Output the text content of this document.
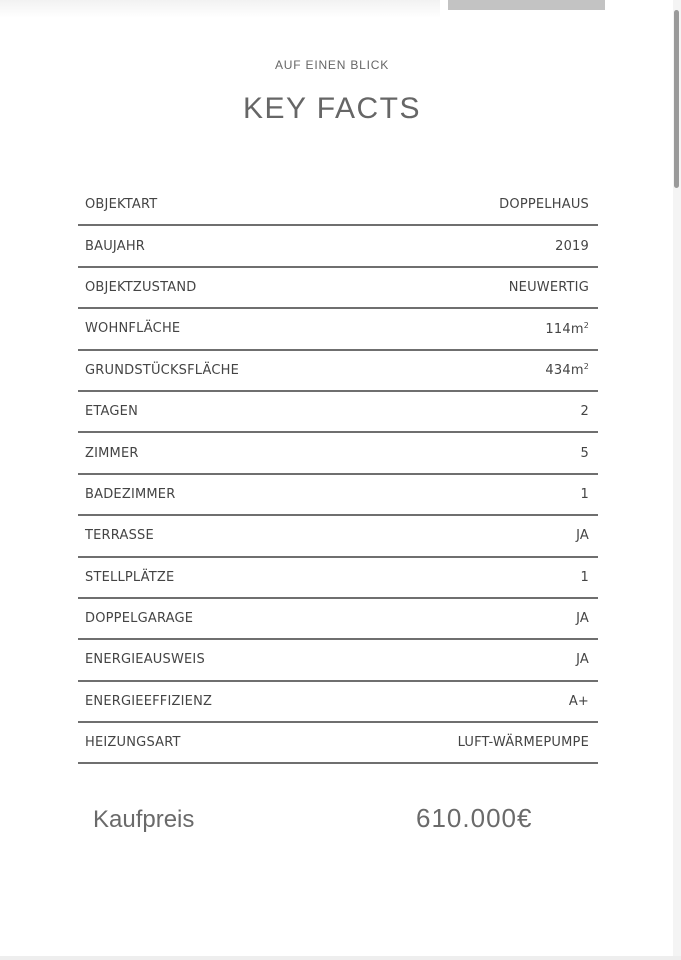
AUF EINEN BLICK
KEY FACTS
OBJEKTART	DOPPELHAUS
BAUJAHR	2019
OBJEKTZUSTAND	NEUWERTIG
WOHNFLÄCHE	$114m^2$
GRUNDSTÜCKSFLÄCHE	$434m^2$
ETAGEN	2
ZIMMER	5
BADEZIMMER	1
TERRASSE	JA
STELLPLÄTZE	1
DOPPELGARAGE	JA
ENERGIEAUSWEIS	JA
ENERGIEEFFIZIENZ	A+
HEIZUNGSART	LUFT-WÄRMEPUMPE
Kaufpreis	610.000€
